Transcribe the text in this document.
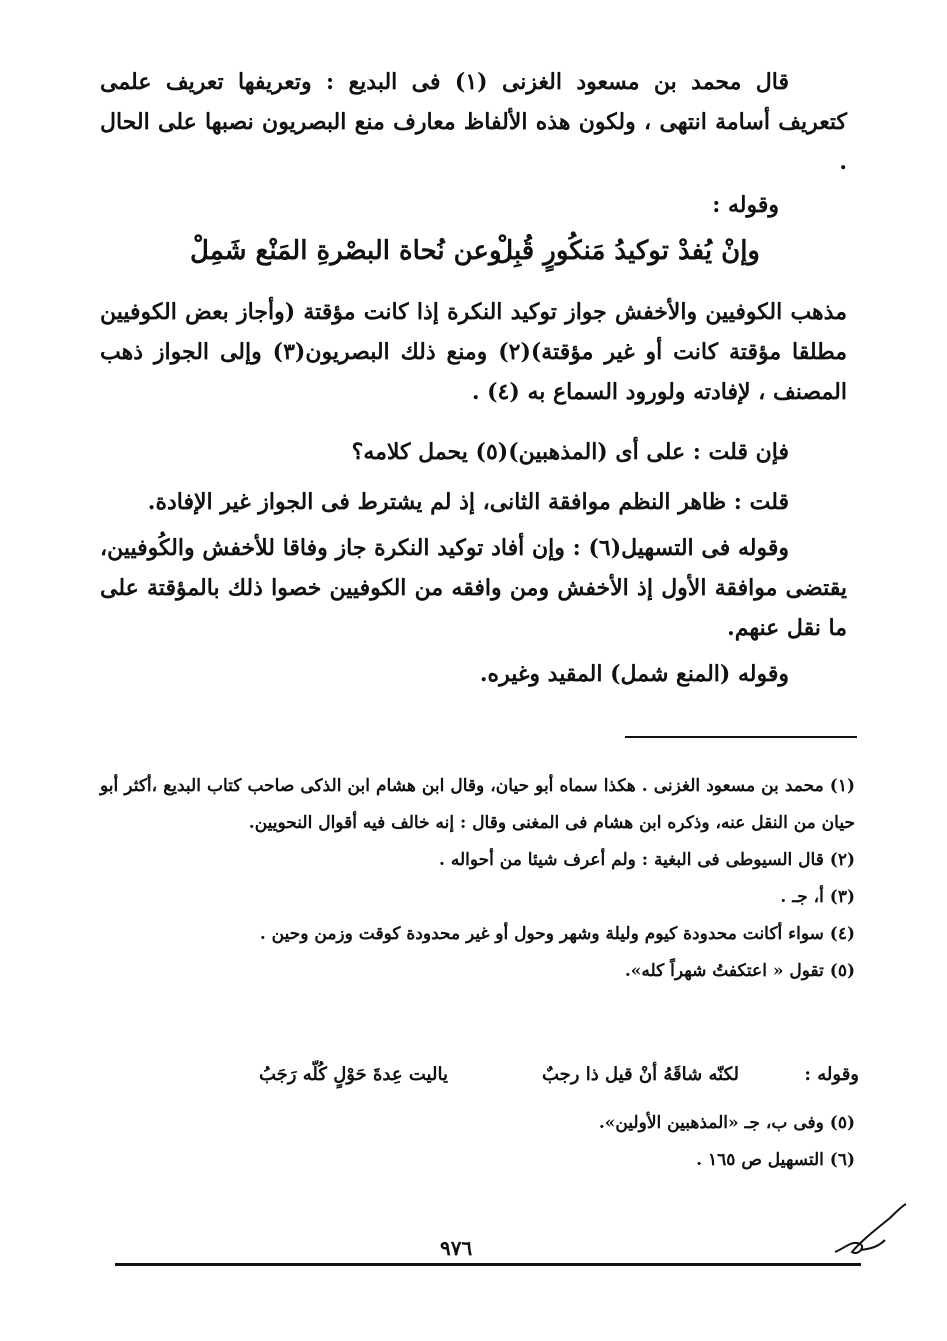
قال محمد بن مسعود الغزنى (١) فى البديع : وتعريفها تعريف علمى كتعريف أسامة انتهى ، ولكون هذه الألفاظ معارف منع البصريون نصبها على الحال .

وقوله :
وإنْ يُفدْ توكيدُ مَنكُورٍ قُبِلْ
وعن نُحاة البصْرةِ المَنْع شَمِلْ

مذهب الكوفيين والأخفش جواز توكيد النكرة إذا كانت مؤقتة (وأجاز بعض الكوفيين مطلقا مؤقتة كانت أو غير مؤقتة)(٢) ومنع ذلك البصريون(٣) وإلى الجواز ذهب المصنف ، لإفادته ولورود السماع به (٤) .

فإن قلت : على أى (المذهبين)(٥) يحمل كلامه؟

قلت : ظاهر النظم موافقة الثانى، إذ لم يشترط فى الجواز غير الإفادة.

وقوله فى التسهيل(٦) : وإن أفاد توكيد النكرة جاز وفاقا للأخفش والكُوفيين، يقتضى موافقة الأول إذ الأخفش ومن وافقه من الكوفيين خصوا ذلك بالمؤقتة على ما نقل عنهم.

وقوله (المنع شمل) المقيد وغيره.

(١) محمد بن مسعود الغزنى . هكذا سماه أبو حيان، وقال ابن هشام ابن الذكى صاحب كتاب البديع ،أكثر أبو حيان من النقل عنه، وذكره ابن هشام فى المغنى وقال : إنه خالف فيه أقوال النحويين.

(٢) قال السيوطى فى البغية : ولم أعرف شيئا من أحواله .

(٣) أ، جـ .

(٤) سواء أكانت محدودة كيوم وليلة وشهر وحول أو غير محدودة كوقت وزمن وحين .

(٥) تقول « اعتكفتُ شهراً كله».

وقوله :
لكنّه شاقَهُ أنْ قيل ذا رجبٌ
ياليت عِدةَ حَوْلٍ كُلّه رَجَبُ

(٥) وفى ب، جـ «المذهبين الأولين».

(٦) التسهيل ص ١٦٥ .

٩٧٦
